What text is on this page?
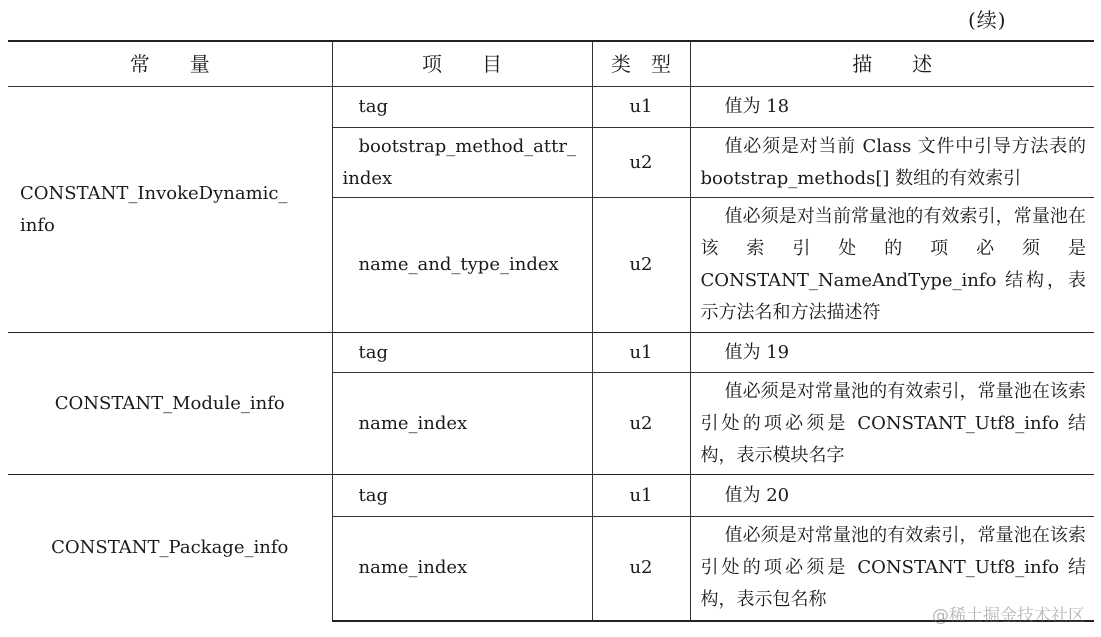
(续)
常　　量	项　　目	类　型	描　　述
CONSTANT_InvokeDynamic_ info	tag	u1	值为 18
	bootstrap_method_attr_ index	u2	值必须是对当前 Class 文件中引导方法表的 bootstrap_methods[] 数组的有效索引
	name_and_type_index	u2	值必须是对当前常量池的有效索引，常量池在该索引处的项必须是 CONSTANT_NameAndType_info 结构，表示方法名和方法描述符
CONSTANT_Module_info	tag	u1	值为 19
	name_index	u2	值必须是对常量池的有效索引，常量池在该索引处的项必须是 CONSTANT_Utf8_info 结构，表示模块名字
CONSTANT_Package_info	tag	u1	值为 20
	name_index	u2	值必须是对常量池的有效索引，常量池在该索引处的项必须是 CONSTANT_Utf8_info 结构，表示包名称
@稀土掘金技术社区
